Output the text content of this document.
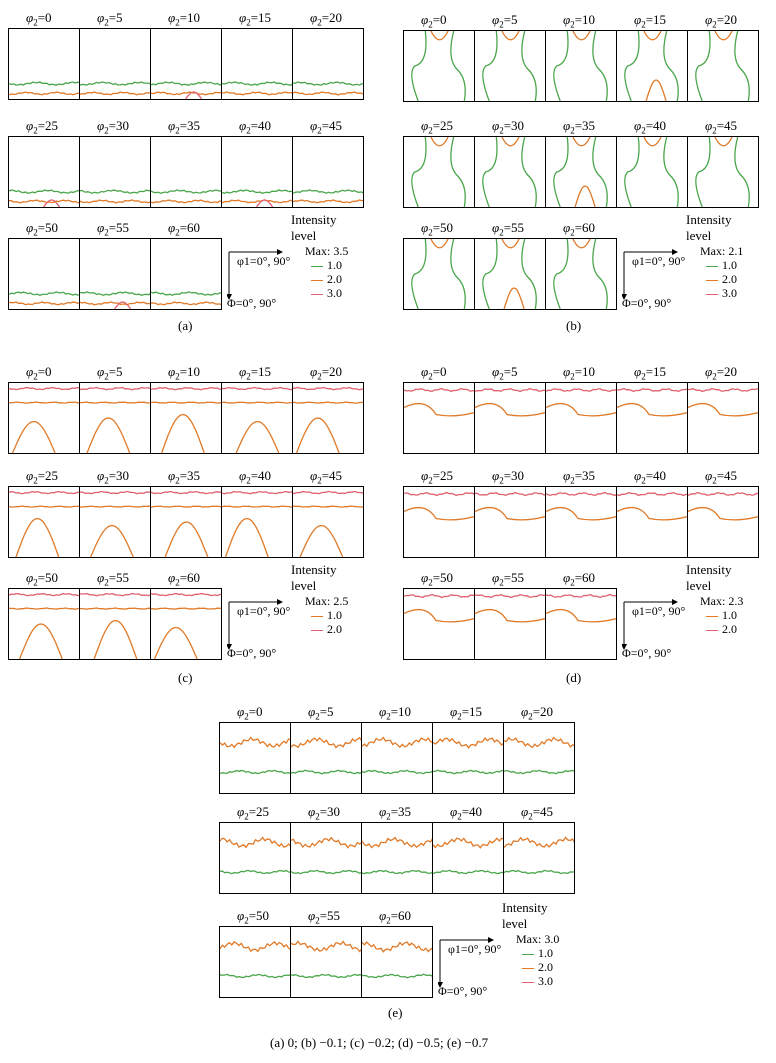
$\varphi_2=0$	$\varphi_2=5$	$\varphi_2=10$	$\varphi_2=15$	$\varphi_2=20$
$\varphi_2=25$	$\varphi_2=30$	$\varphi_2=35$	$\varphi_2=40$	$\varphi_2=45$
$\varphi_2=50$	$\varphi_2=55$	$\varphi_2=60$
φ1=0°, 90°
Φ=0°, 90°
Intensity level
Max: 3.5
1.0
2.0
3.0
(a)
$\varphi_2=0$	$\varphi_2=5$	$\varphi_2=10$	$\varphi_2=15$	$\varphi_2=20$
$\varphi_2=25$	$\varphi_2=30$	$\varphi_2=35$	$\varphi_2=40$	$\varphi_2=45$
$\varphi_2=50$	$\varphi_2=55$	$\varphi_2=60$
φ1=0°, 90°
Φ=0°, 90°
Intensity level
Max: 2.1
1.0
2.0
3.0
(b)
$\varphi_2=0$	$\varphi_2=5$	$\varphi_2=10$	$\varphi_2=15$	$\varphi_2=20$
$\varphi_2=25$	$\varphi_2=30$	$\varphi_2=35$	$\varphi_2=40$	$\varphi_2=45$
$\varphi_2=50$	$\varphi_2=55$	$\varphi_2=60$
φ1=0°, 90°
Φ=0°, 90°
Intensity level
Max: 2.5
1.0
2.0
(c)
$\varphi_2=0$	$\varphi_2=5$	$\varphi_2=10$	$\varphi_2=15$	$\varphi_2=20$
$\varphi_2=25$	$\varphi_2=30$	$\varphi_2=35$	$\varphi_2=40$	$\varphi_2=45$
$\varphi_2=50$	$\varphi_2=55$	$\varphi_2=60$
φ1=0°, 90°
Φ=0°, 90°
Intensity level
Max: 2.3
1.0
2.0
(d)
$\varphi_2=0$	$\varphi_2=5$	$\varphi_2=10$	$\varphi_2=15$	$\varphi_2=20$
$\varphi_2=25$	$\varphi_2=30$	$\varphi_2=35$	$\varphi_2=40$	$\varphi_2=45$
$\varphi_2=50$	$\varphi_2=55$	$\varphi_2=60$
φ1=0°, 90°
Φ=0°, 90°
Intensity level
Max: 3.0
1.0
2.0
3.0
(e)
(a) 0; (b) −0.1; (c) −0.2; (d) −0.5; (e) −0.7
